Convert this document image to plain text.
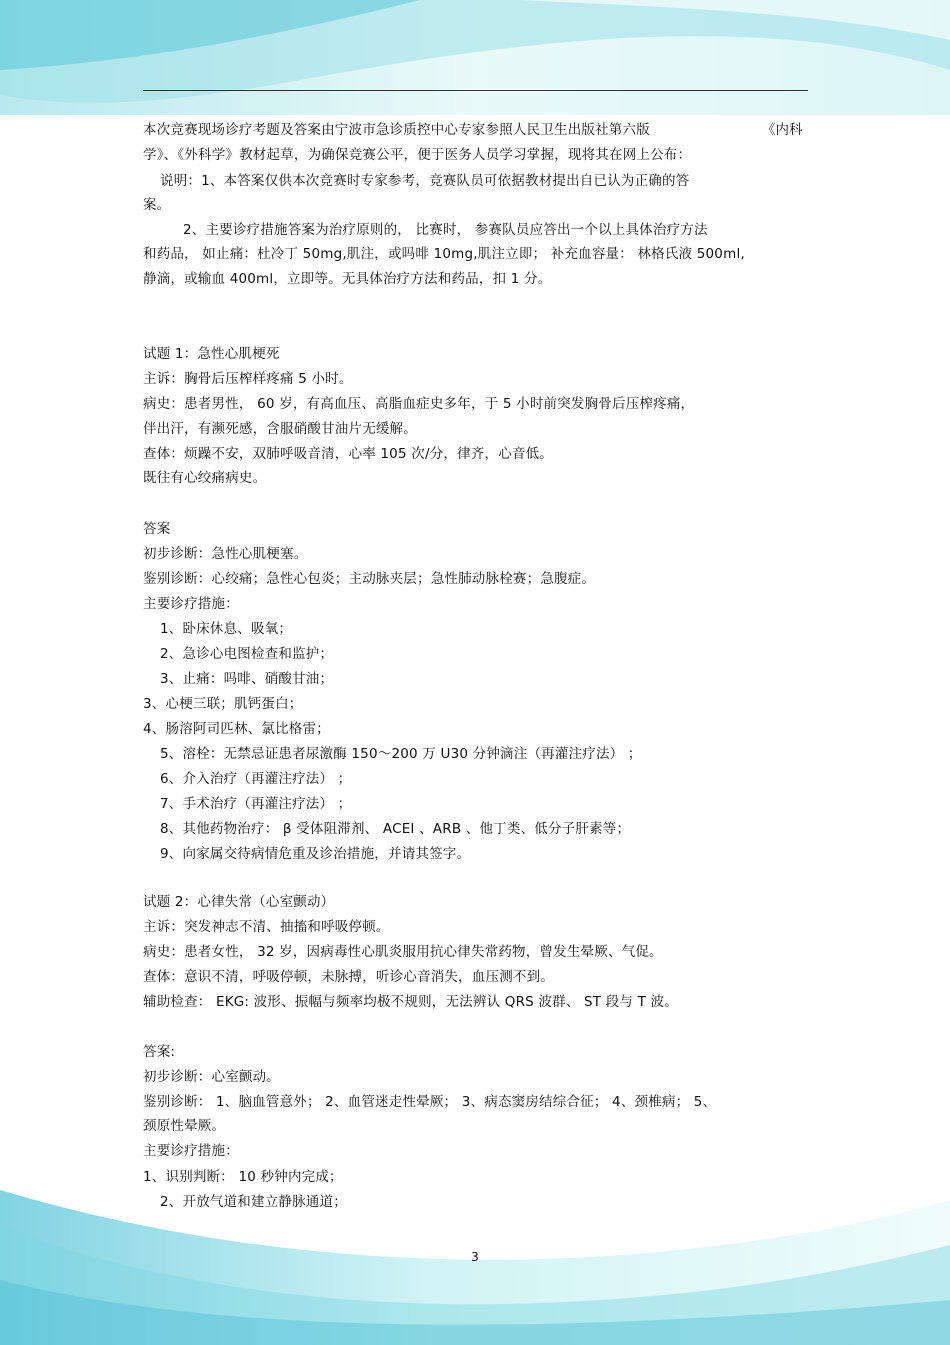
本次竞赛现场诊疗考题及答案由宁波市急诊质控中心专家参照人民卫生出版社第六版	《内科
学》、《外科学》教材起草，为确保竞赛公平，便于医务人员学习掌握，现将其在网上公布：
说明：1、本答案仅供本次竞赛时专家参考，竞赛队员可依据教材提出自已认为正确的答
案。
2、主要诊疗措施答案为治疗原则的， 比赛时， 参赛队员应答出一个以上具体治疗方法
和药品， 如止痛：杜冷丁 50mg,肌注，或吗啡 10mg,肌注立即； 补充血容量： 林格氏液 500ml,
静滴，或输血 400ml，立即等。无具体治疗方法和药品，扣 1 分。
试题 1：急性心肌梗死
主诉：胸骨后压榨样疼痛 5 小时。
病史：患者男性， 60 岁，有高血压、高脂血症史多年，于 5 小时前突发胸骨后压榨疼痛，
伴出汗，有濒死感，含服硝酸甘油片无缓解。
查体：烦躁不安，双肺呼吸音清，心率 105 次/分，律齐，心音低。
既往有心绞痛病史。
答案
初步诊断：急性心肌梗塞。
鉴别诊断：心绞痛；急性心包炎；主动脉夹层；急性肺动脉栓赛；急腹症。
主要诊疗措施：
1、卧床休息、吸氧；
2、急诊心电图检查和监护；
3、止痛：吗啡、硝酸甘油；
3、心梗三联；肌钙蛋白；
4、肠溶阿司匹林、氯比格雷；
5、溶栓：无禁忌证患者尿激酶 150～200 万 U30 分钟滴注（再灌注疗法） ；
6、介入治疗（再灌注疗法） ；
7、手术治疗（再灌注疗法） ；
8、其他药物治疗： β 受体阻滞剂、 ACEI 、ARB 、他丁类、低分子肝素等；
9、向家属交待病情危重及诊治措施，并请其签字。
试题 2：心律失常（心室颤动）
主诉：突发神志不清、抽搐和呼吸停顿。
病史：患者女性， 32 岁，因病毒性心肌炎服用抗心律失常药物，曾发生晕厥、气促。
查体：意识不清，呼吸停顿，未脉搏，听诊心音消失，血压测不到。
辅助检查： EKG: 波形、振幅与频率均极不规则，无法辨认 QRS 波群、 ST 段与 T 波。
答案:
初步诊断：心室颤动。
鉴别诊断： 1、脑血管意外； 2、血管迷走性晕厥； 3、病态窦房结综合征； 4、颈椎病； 5、
颈原性晕厥。
主要诊疗措施：
1、识别判断： 10 秒钟内完成；
2、开放气道和建立静脉通道；
3
